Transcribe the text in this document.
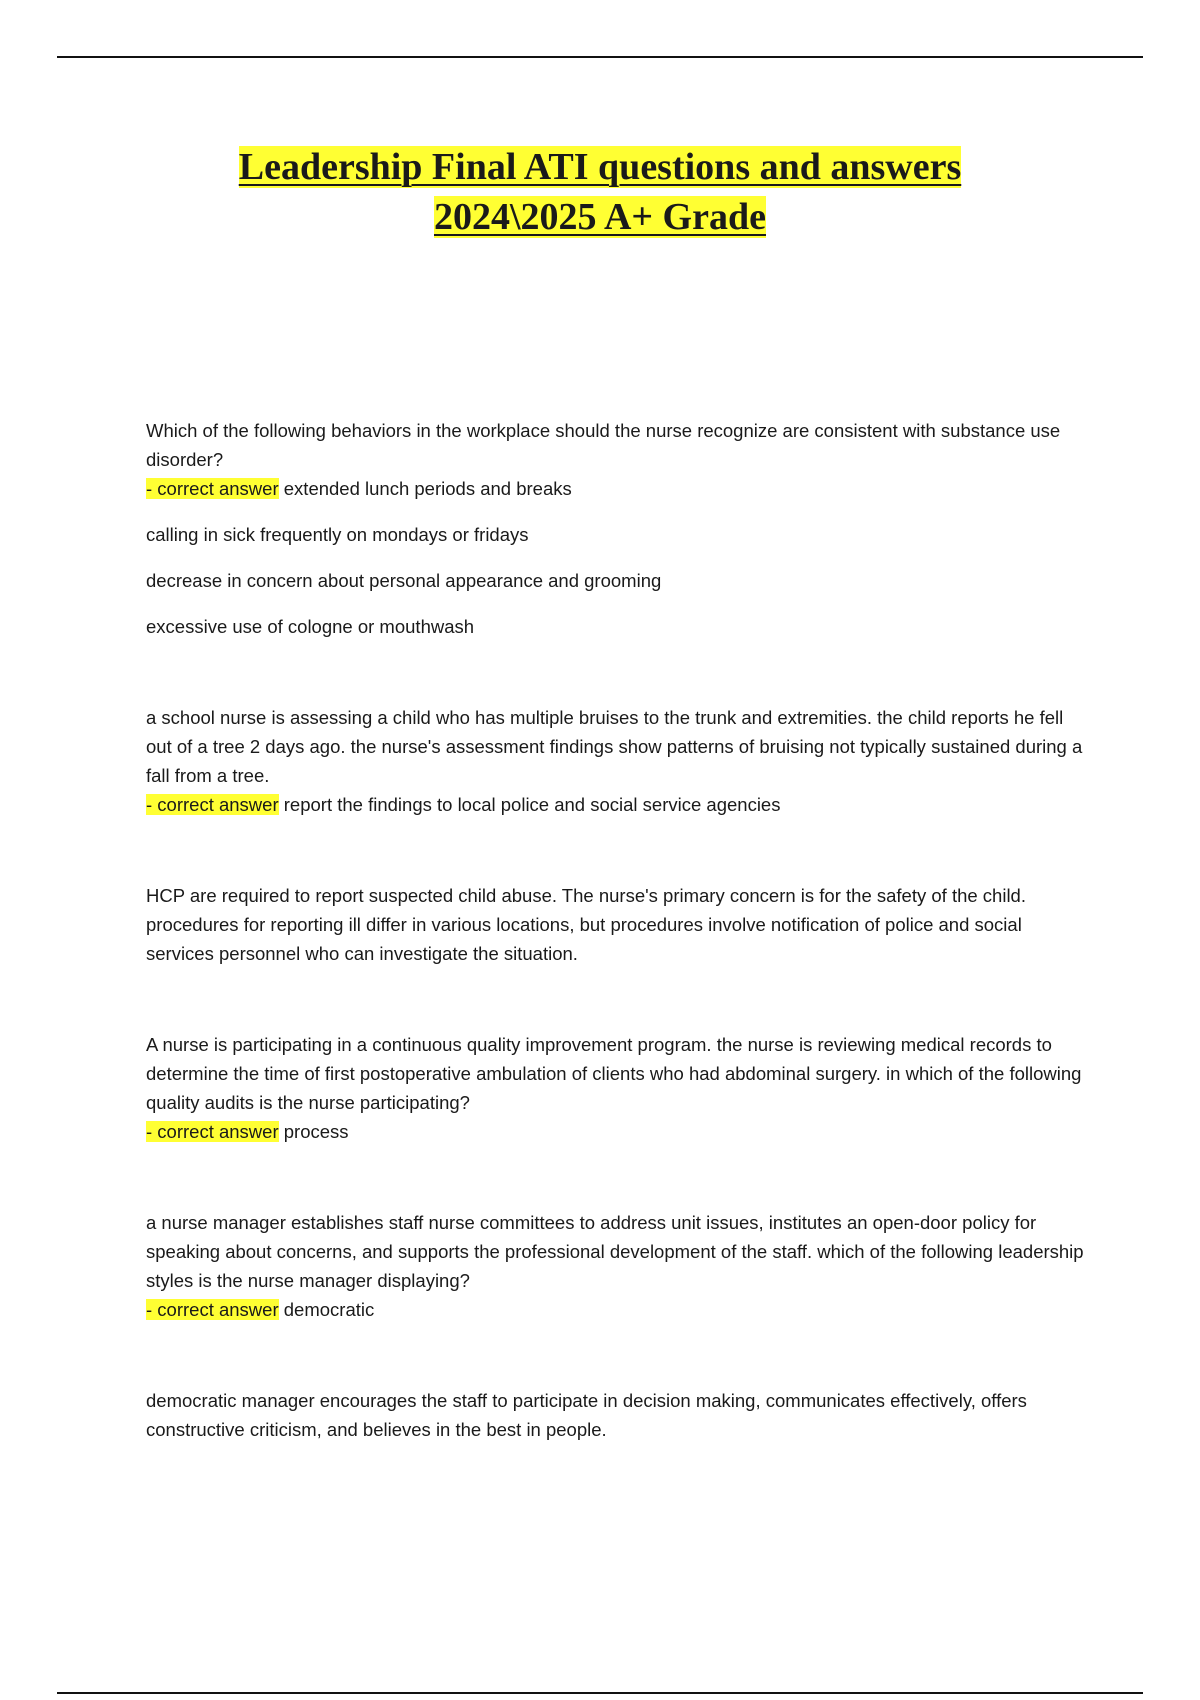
Leadership Final ATI questions and answers
2024\2025 A+ Grade

Which of the following behaviors in the workplace should the nurse recognize are consistent with substance use disorder?

- correct answer extended lunch periods and breaks

calling in sick frequently on mondays or fridays

decrease in concern about personal appearance and grooming

excessive use of cologne or mouthwash

a school nurse is assessing a child who has multiple bruises to the trunk and extremities. the child reports he fell out of a tree 2 days ago. the nurse's assessment findings show patterns of bruising not typically sustained during a fall from a tree.

- correct answer report the findings to local police and social service agencies

HCP are required to report suspected child abuse. The nurse's primary concern is for the safety of the child. procedures for reporting ill differ in various locations, but procedures involve notification of police and social services personnel who can investigate the situation.

A nurse is participating in a continuous quality improvement program. the nurse is reviewing medical records to determine the time of first postoperative ambulation of clients who had abdominal surgery. in which of the following quality audits is the nurse participating?

- correct answer process

a nurse manager establishes staff nurse committees to address unit issues, institutes an open-door policy for speaking about concerns, and supports the professional development of the staff. which of the following leadership styles is the nurse manager displaying?

- correct answer democratic

democratic manager encourages the staff to participate in decision making, communicates effectively, offers constructive criticism, and believes in the best in people.
